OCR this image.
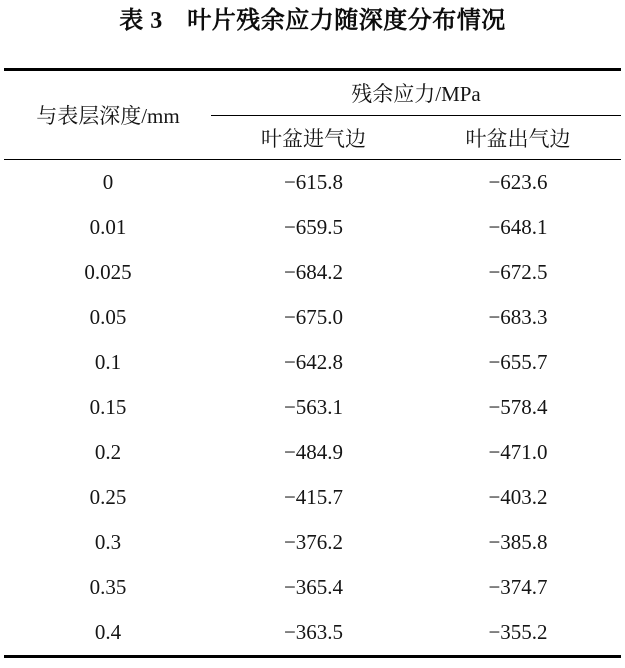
表 3　叶片残余应力随深度分布情况
与表层深度/mm	残余应力/MPa	
	叶盆进气边	叶盆出气边
0	−615.8	−623.6
0.01	−659.5	−648.1
0.025	−684.2	−672.5
0.05	−675.0	−683.3
0.1	−642.8	−655.7
0.15	−563.1	−578.4
0.2	−484.9	−471.0
0.25	−415.7	−403.2
0.3	−376.2	−385.8
0.35	−365.4	−374.7
0.4	−363.5	−355.2
